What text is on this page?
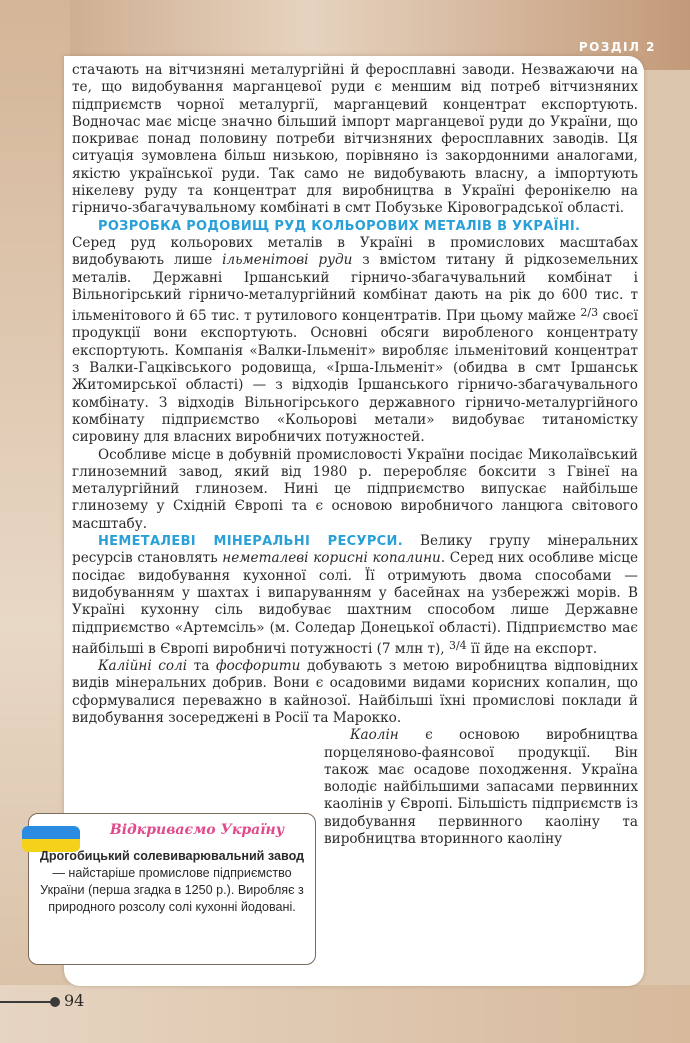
РОЗДІЛ 2

стачають на вітчизняні металургійні й феросплавні заводи. Незважаючи на те, що видобування марганцевої руди є меншим від потреб вітчизняних підприємств чорної металургії, марганцевий концентрат експортують. Водночас має місце значно більший імпорт марганцевої руди до України, що покриває понад половину потреби вітчизняних феросплавних заводів. Ця ситуація зумовлена більш низькою, порівняно із закордонними аналогами, якістю української руди. Так само не видобувають власну, а імпортують нікелеву руду та концентрат для виробництва в Україні феронікелю на гірничо-збагачувальному комбінаті в смт Побузьке Кіровоградської області.

РОЗРОБКА РОДОВИЩ РУД КОЛЬОРОВИХ МЕТАЛІВ В УКРАЇНІ.

Серед руд кольорових металів в Україні в промислових масштабах видобувають лише ільменітові руди з вмістом титану й рідкоземельних металів. Державні Іршанський гірничо-збагачувальний комбінат і Вільногірський гірничо-металургійний комбінат дають на рік до 600 тис. т ільменітового й 65 тис. т рутилового концентратів. При цьому майже $^{2/3}$ своєї продукції вони експортують. Основні обсяги виробленого концентрату експортують. Компанія «Валки-Ільменіт» виробляє ільменітовий концентрат з Валки-Гацківського родовища, «Ірша-Ільменіт» (обидва в смт Іршанськ Житомирської області) — з відходів Іршанського гірничо-збагачувального комбінату. З відходів Вільногірського державного гірничо-металургійного комбінату підприємство «Кольорові метали» видобуває титаномістку сировину для власних виробничих потужностей.

Особливе місце в добувній промисловості України посідає Миколаївський глиноземний завод, який від 1980 р. переробляє боксити з Гвінеї на металургійний глинозем. Нині це підприємство випускає найбільше глинозему у Східній Європі та є основою виробничого ланцюга світового масштабу.

НЕМЕТАЛЕВІ МІНЕРАЛЬНІ РЕСУРСИ. Велику групу мінеральних ресурсів становлять неметалеві корисні копалини. Серед них особливе місце посідає видобування кухонної солі. Її отримують двома способами — видобуванням у шахтах і випаруванням у басейнах на узбережжі морів. В Україні кухонну сіль видобуває шахтним способом лише Державне підприємство «Артемсіль» (м. Соледар Донецької області). Підприємство має найбільші в Європі виробничі потужності (7 млн т), $^{3/4}$ її йде на експорт.

Калійні солі та фосфорити добувають з метою виробництва відповідних видів мінеральних добрив. Вони є осадовими видами корисних копалин, що сформувалися переважно в кайнозої. Найбільші їхні промислові поклади й видобування зосереджені в Росії та Марокко.

Каолін є основою виробництва порцеляново-фаянсової продукції. Він також має осадове походження. Україна володіє найбільшими запасами первинних каолінів у Європі. Більшість підприємств із видобування первинного каоліну та виробництва вторинного каоліну

Відкриваємо Україну
Дрогобицький солевиварювальний завод — найстаріше промислове підприємство України (перша згадка в 1250 р.). Виробляє з природного розсолу солі кухонні йодовані.
94
